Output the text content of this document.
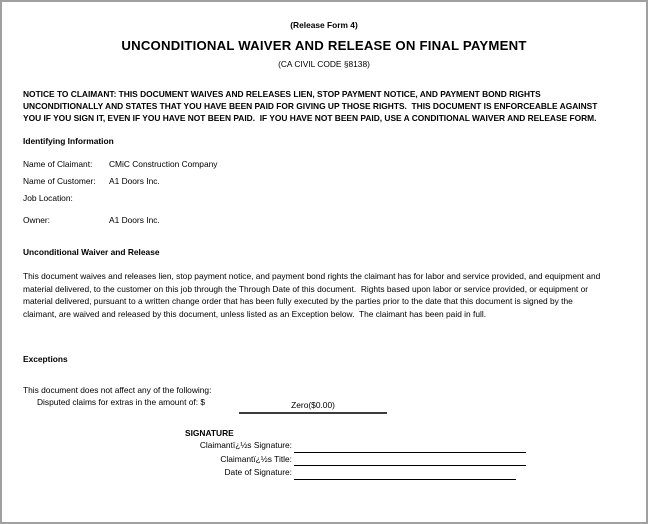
(Release Form 4)
UNCONDITIONAL WAIVER AND RELEASE ON FINAL PAYMENT
(CA CIVIL CODE §8138)
NOTICE TO CLAIMANT: THIS DOCUMENT WAIVES AND RELEASES LIEN, STOP PAYMENT NOTICE, AND PAYMENT BOND RIGHTS
UNCONDITIONALLY AND STATES THAT YOU HAVE BEEN PAID FOR GIVING UP THOSE RIGHTS.  THIS DOCUMENT IS ENFORCEABLE AGAINST
YOU IF YOU SIGN IT, EVEN IF YOU HAVE NOT BEEN PAID.  IF YOU HAVE NOT BEEN PAID, USE A CONDITIONAL WAIVER AND RELEASE FORM.
Identifying Information
Name of Claimant:	CMiC Construction Company
Name of Customer:	A1 Doors Inc.
Job Location:
Owner:	A1 Doors Inc.
Unconditional Waiver and Release
This document waives and releases lien, stop payment notice, and payment bond rights the claimant has for labor and service provided, and equipment and
material delivered, to the customer on this job through the Through Date of this document.  Rights based upon labor or service provided, or equipment or
material delivered, pursuant to a written change order that has been fully executed by the parties prior to the date that this document is signed by the
claimant, are waived and released by this document, unless listed as an Exception below.  The claimant has been paid in full.
Exceptions
This document does not affect any of the following:
Disputed claims for extras in the amount of: $	Zero($0.00)
SIGNATURE
Claimantï¿½s Signature:
Claimantï¿½s Title:
Date of Signature:
